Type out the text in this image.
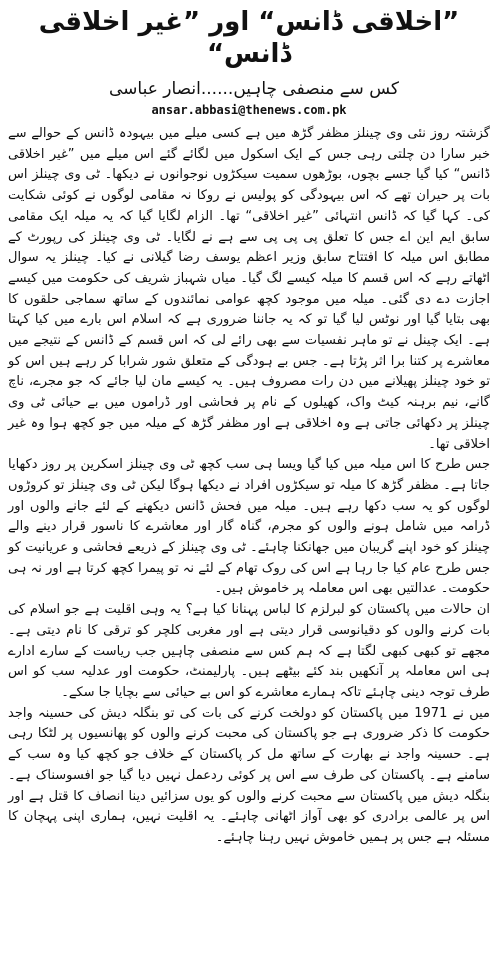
”اخلاقی ڈانس“ اور ”غیر اخلاقی ڈانس“
کس سے منصفی چاہیں......انصار عباسی
ansar.abbasi@thenews.com.pk

گزشتہ روز نئی وی چینلز مظفر گڑھ میں ہے کسی میلے میں بیہودہ ڈانس کے حوالے سے خبر سارا دن چلتی رہی جس کے ایک اسکول میں لگائے گئے اس میلے میں ”غیر اخلاقی ڈانس“ کیا گیا جسے بچوں، بوڑھوں سمیت سیکڑوں نوجوانوں نے دیکھا۔ ٹی وی چینلز اس بات پر حیران تھے کہ اس بیہودگی کو پولیس نے روکا نہ مقامی لوگوں نے کوئی شکایت کی۔ کہا گیا کہ ڈانس انتہائی ”غیر اخلاقی“ تھا۔ الزام لگایا گیا کہ یہ میلہ ایک مقامی سابق ایم این اے جس کا تعلق پی پی پی سے ہے نے لگایا۔ ٹی وی چینلز کی رپورٹ کے مطابق اس میلہ کا افتتاح سابق وزیر اعظم یوسف رضا گیلانی نے کیا۔ چینلز یہ سوال اٹھاتے رہے کہ اس قسم کا میلہ کیسے لگ گیا۔ میاں شہباز شریف کی حکومت میں کیسے اجازت دے دی گئی۔ میلہ میں موجود کچھ عوامی نمائندوں کے ساتھ سماجی حلقوں کا بھی بتایا گیا اور نوٹس لیا گیا تو کہ یہ جاننا ضروری ہے کہ اسلام اس بارے میں کیا کہتا ہے۔ ایک چینل نے تو ماہر نفسیات سے بھی رائے لی کہ اس قسم کے ڈانس کے نتیجے میں معاشرے پر کتنا برا اثر پڑتا ہے۔ جس بے ہودگی کے متعلق شور شرابا کر رہے ہیں اس کو تو خود چینلز پھیلانے میں دن رات مصروف ہیں۔ یہ کیسے مان لیا جائے کہ جو مجرے، ناچ گانے، نیم برہنہ کیٹ واک، کھیلوں کے نام پر فحاشی اور ڈراموں میں بے حیائی ٹی وی چینلز پر دکھائی جاتی ہے وہ اخلاقی ہے اور مظفر گڑھ کے میلہ میں جو کچھ ہوا وہ غیر اخلاقی تھا۔

جس طرح کا اس میلہ میں کیا گیا ویسا ہی سب کچھ ٹی وی چینلز اسکرین پر روز دکھایا جاتا ہے۔ مظفر گڑھ کا میلہ تو سیکڑوں افراد نے دیکھا ہوگا لیکن ٹی وی چینلز تو کروڑوں لوگوں کو یہ سب دکھا رہے ہیں۔ میلہ میں فحش ڈانس دیکھنے کے لئے جانے والوں اور ڈرامہ میں شامل ہونے والوں کو مجرم، گناہ گار اور معاشرے کا ناسور قرار دینے والے چینلز کو خود اپنے گریبان میں جھانکنا چاہئے۔ ٹی وی چینلز کے ذریعے فحاشی و عریانیت کو جس طرح عام کیا جا رہا ہے اس کی روک تھام کے لئے نہ تو پیمرا کچھ کرتا ہے اور نہ ہی حکومت۔ عدالتیں بھی اس معاملہ پر خاموش ہیں۔

ان حالات میں پاکستان کو لبرلزم کا لباس پہنانا کیا ہے؟ یہ وہی اقلیت ہے جو اسلام کی بات کرنے والوں کو دقیانوسی قرار دیتی ہے اور مغربی کلچر کو ترقی کا نام دیتی ہے۔ مجھے تو کبھی کبھی لگتا ہے کہ ہم کس سے منصفی چاہیں جب ریاست کے سارے ادارے ہی اس معاملہ پر آنکھیں بند کئے بیٹھے ہیں۔ پارلیمنٹ، حکومت اور عدلیہ سب کو اس طرف توجہ دینی چاہئے تاکہ ہمارے معاشرے کو اس بے حیائی سے بچایا جا سکے۔

میں نے 1971 میں پاکستان کو دولخت کرنے کی بات کی تو بنگلہ دیش کی حسینہ واجد حکومت کا ذکر ضروری ہے جو پاکستان کی محبت کرنے والوں کو پھانسیوں پر لٹکا رہی ہے۔ حسینہ واجد نے بھارت کے ساتھ مل کر پاکستان کے خلاف جو کچھ کیا وہ سب کے سامنے ہے۔ پاکستان کی طرف سے اس پر کوئی ردعمل نہیں دیا گیا جو افسوسناک ہے۔ بنگلہ دیش میں پاکستان سے محبت کرنے والوں کو یوں سزائیں دینا انصاف کا قتل ہے اور اس پر عالمی برادری کو بھی آواز اٹھانی چاہئے۔ یہ اقلیت نہیں، ہماری اپنی پہچان کا مسئلہ ہے جس پر ہمیں خاموش نہیں رہنا چاہئے۔
